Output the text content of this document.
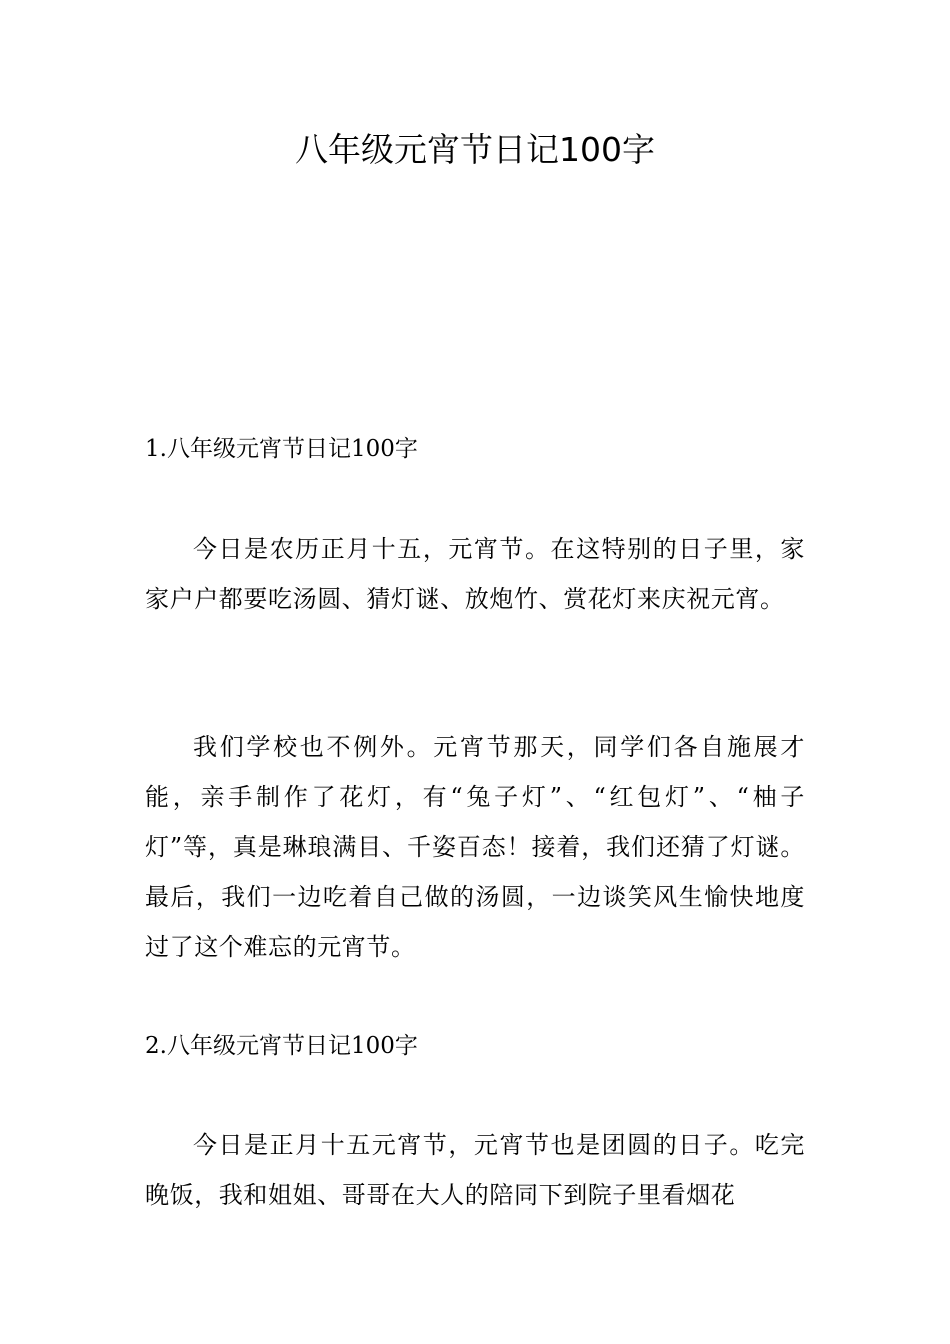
八年级元宵节日记100字

1.八年级元宵节日记100字

今日是农历正月十五，元宵节。在这特别的日子里，家家户户都要吃汤圆、猜灯谜、放炮竹、赏花灯来庆祝元宵。

我们学校也不例外。元宵节那天，同学们各自施展才能，亲手制作了花灯，有“兔子灯”、“红包灯”、“柚子灯”等，真是琳琅满目、千姿百态！接着，我们还猜了灯谜。最后，我们一边吃着自己做的汤圆，一边谈笑风生愉快地度过了这个难忘的元宵节。

2.八年级元宵节日记100字

今日是正月十五元宵节，元宵节也是团圆的日子。吃完晚饭，我和姐姐、哥哥在大人的陪同下到院子里看烟花
